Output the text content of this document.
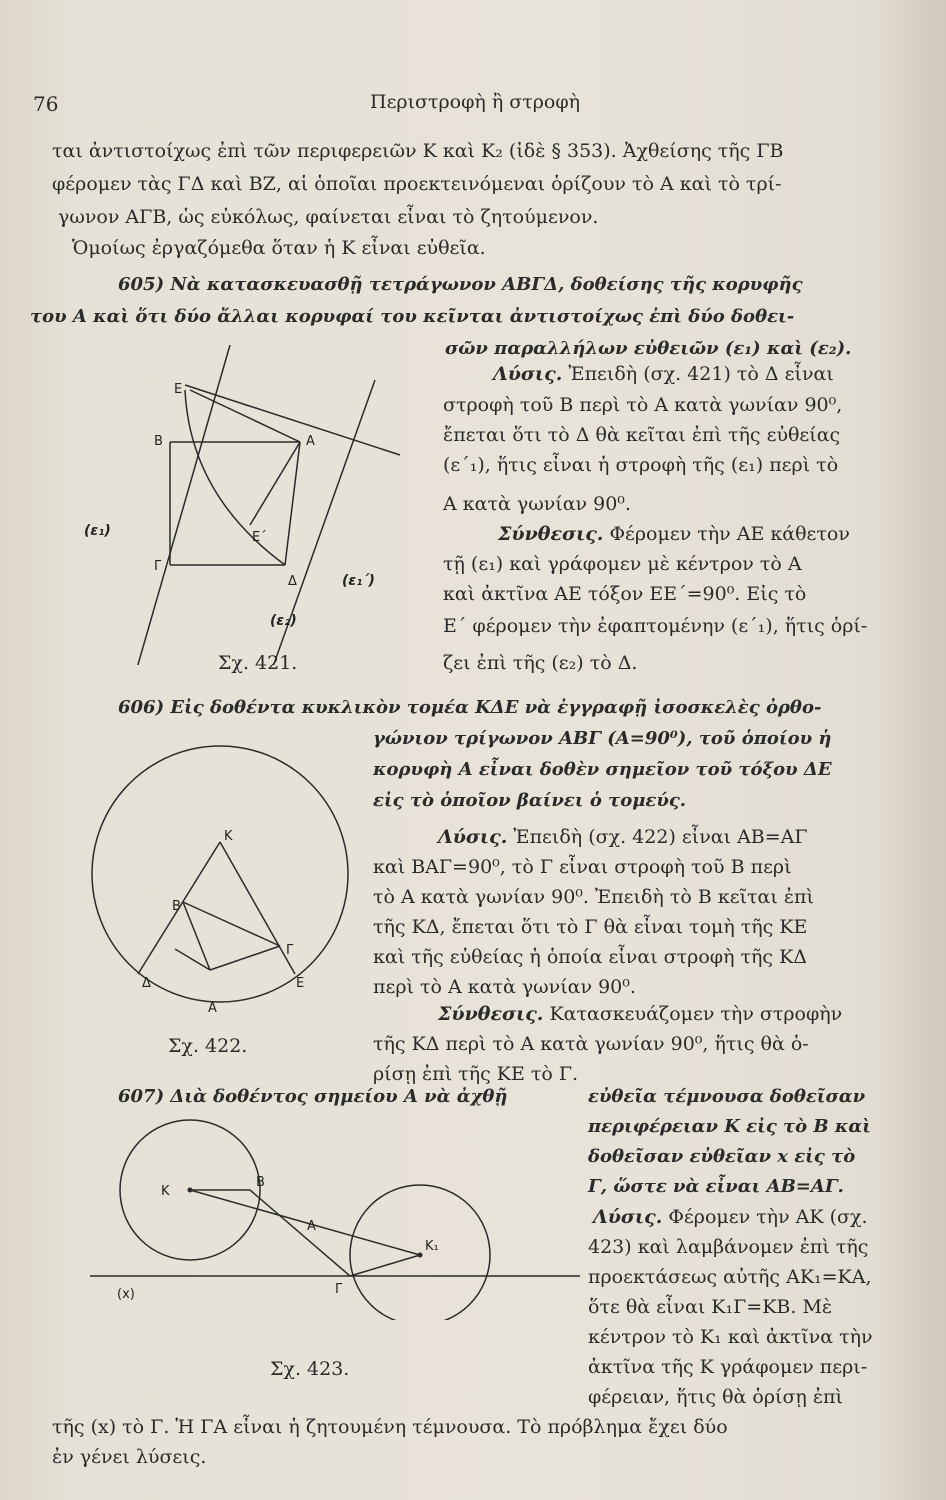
76	Περιστροφὴ ἢ στροφὴ
ται ἀντιστοίχως ἐπὶ τῶν περιφερειῶν Κ καὶ Κ₂ (ἰδὲ § 353). Ἀχθείσης τῆς ΓΒ
φέρομεν τὰς ΓΔ καὶ ΒΖ, αἱ ὁποῖαι προεκτεινόμεναι ὁρίζουν τὸ Α καὶ τὸ τρί-
γωνον ΑΓΒ, ὡς εὐκόλως, φαίνεται εἶναι τὸ ζητούμενον.
Ὁμοίως ἐργαζόμεθα ὅταν ἡ Κ εἶναι εὐθεῖα.
605) Νὰ κατασκευασθῇ τετράγωνον ΑΒΓΔ, δοθείσης τῆς κορυφῆς
του Α καὶ ὅτι δύο ἄλλαι κορυφαί του κεῖνται ἀντιστοίχως ἐπὶ δύο δοθει-
σῶν παραλλήλων εὐθειῶν (ε₁) καὶ (ε₂).
Λύσις. Ἐπειδὴ (σχ. 421) τὸ Δ εἶναι
στροφὴ τοῦ Β περὶ τὸ Α κατὰ γωνίαν 90⁰,
ἔπεται ὅτι τὸ Δ θὰ κεῖται ἐπὶ τῆς εὐθείας
(ε΄₁), ἥτις εἶναι ἡ στροφὴ τῆς (ε₁) περὶ τὸ
Α κατὰ γωνίαν 90⁰.
Σύνθεσις. Φέρομεν τὴν ΑΕ κάθετον
τῇ (ε₁) καὶ γράφομεν μὲ κέντρον τὸ Α
καὶ ἀκτῖνα ΑΕ τόξον ΕΕ΄=90⁰. Εἰς τὸ
Ε΄ φέρομεν τὴν ἐφαπτομένην (ε΄₁), ἥτις ὁρί-
ζει ἐπὶ τῆς (ε₂) τὸ Δ.
Ε
Β	Α
Ε΄
Γ
Δ
(ε₁)
(ε₁΄)
(ε₂)
Σχ. 421.
606) Εἰς δοθέντα κυκλικὸν τομέα ΚΔΕ νὰ ἐγγραφῇ ἰσοσκελὲς ὀρθο-
γώνιον τρίγωνον ΑΒΓ (Α=90⁰), τοῦ ὁποίου ἡ
κορυφὴ Α εἶναι δοθὲν σημεῖον τοῦ τόξου ΔΕ
εἰς τὸ ὁποῖον βαίνει ὁ τομεύς.
Λύσις. Ἐπειδὴ (σχ. 422) εἶναι ΑΒ=ΑΓ
καὶ ΒΑΓ=90⁰, τὸ Γ εἶναι στροφὴ τοῦ Β περὶ
τὸ Α κατὰ γωνίαν 90⁰. Ἐπειδὴ τὸ Β κεῖται ἐπὶ
τῆς ΚΔ, ἔπεται ὅτι τὸ Γ θὰ εἶναι τομὴ τῆς ΚΕ
καὶ τῆς εὐθείας ἡ ὁποία εἶναι στροφὴ τῆς ΚΔ
περὶ τὸ Α κατὰ γωνίαν 90⁰.
Σύνθεσις. Κατασκευάζομεν τὴν στροφὴν
τῆς ΚΔ περὶ τὸ Α κατὰ γωνίαν 90⁰, ἥτις θὰ ὁ-
ρίσῃ ἐπὶ τῆς ΚΕ τὸ Γ.
Κ
Β
Γ
Δ	Ε
Α
Σχ. 422.
607) Διὰ δοθέντος σημείου Α νὰ ἀχθῇ	εὐθεῖα τέμνουσα δοθεῖσαν
περιφέρειαν Κ εἰς τὸ Β καὶ
δοθεῖσαν εὐθεῖαν x εἰς τὸ
Γ, ὥστε νὰ εἶναι ΑΒ=ΑΓ.
Λύσις. Φέρομεν τὴν ΑΚ (σχ.
423) καὶ λαμβάνομεν ἐπὶ τῆς
προεκτάσεως αὐτῆς ΑΚ₁=ΚΑ,
ὅτε θὰ εἶναι Κ₁Γ=ΚΒ. Μὲ
κέντρον τὸ Κ₁ καὶ ἀκτῖνα τὴν
ἀκτῖνα τῆς Κ γράφομεν περι-
φέρειαν, ἥτις θὰ ὁρίσῃ ἐπὶ
Κ
Β
Α
Κ₁
Γ
(x)
Σχ. 423.
τῆς (x) τὸ Γ. Ἡ ΓΑ εἶναι ἡ ζητουμένη τέμνουσα. Τὸ πρόβλημα ἔχει δύο
ἐν γένει λύσεις.
